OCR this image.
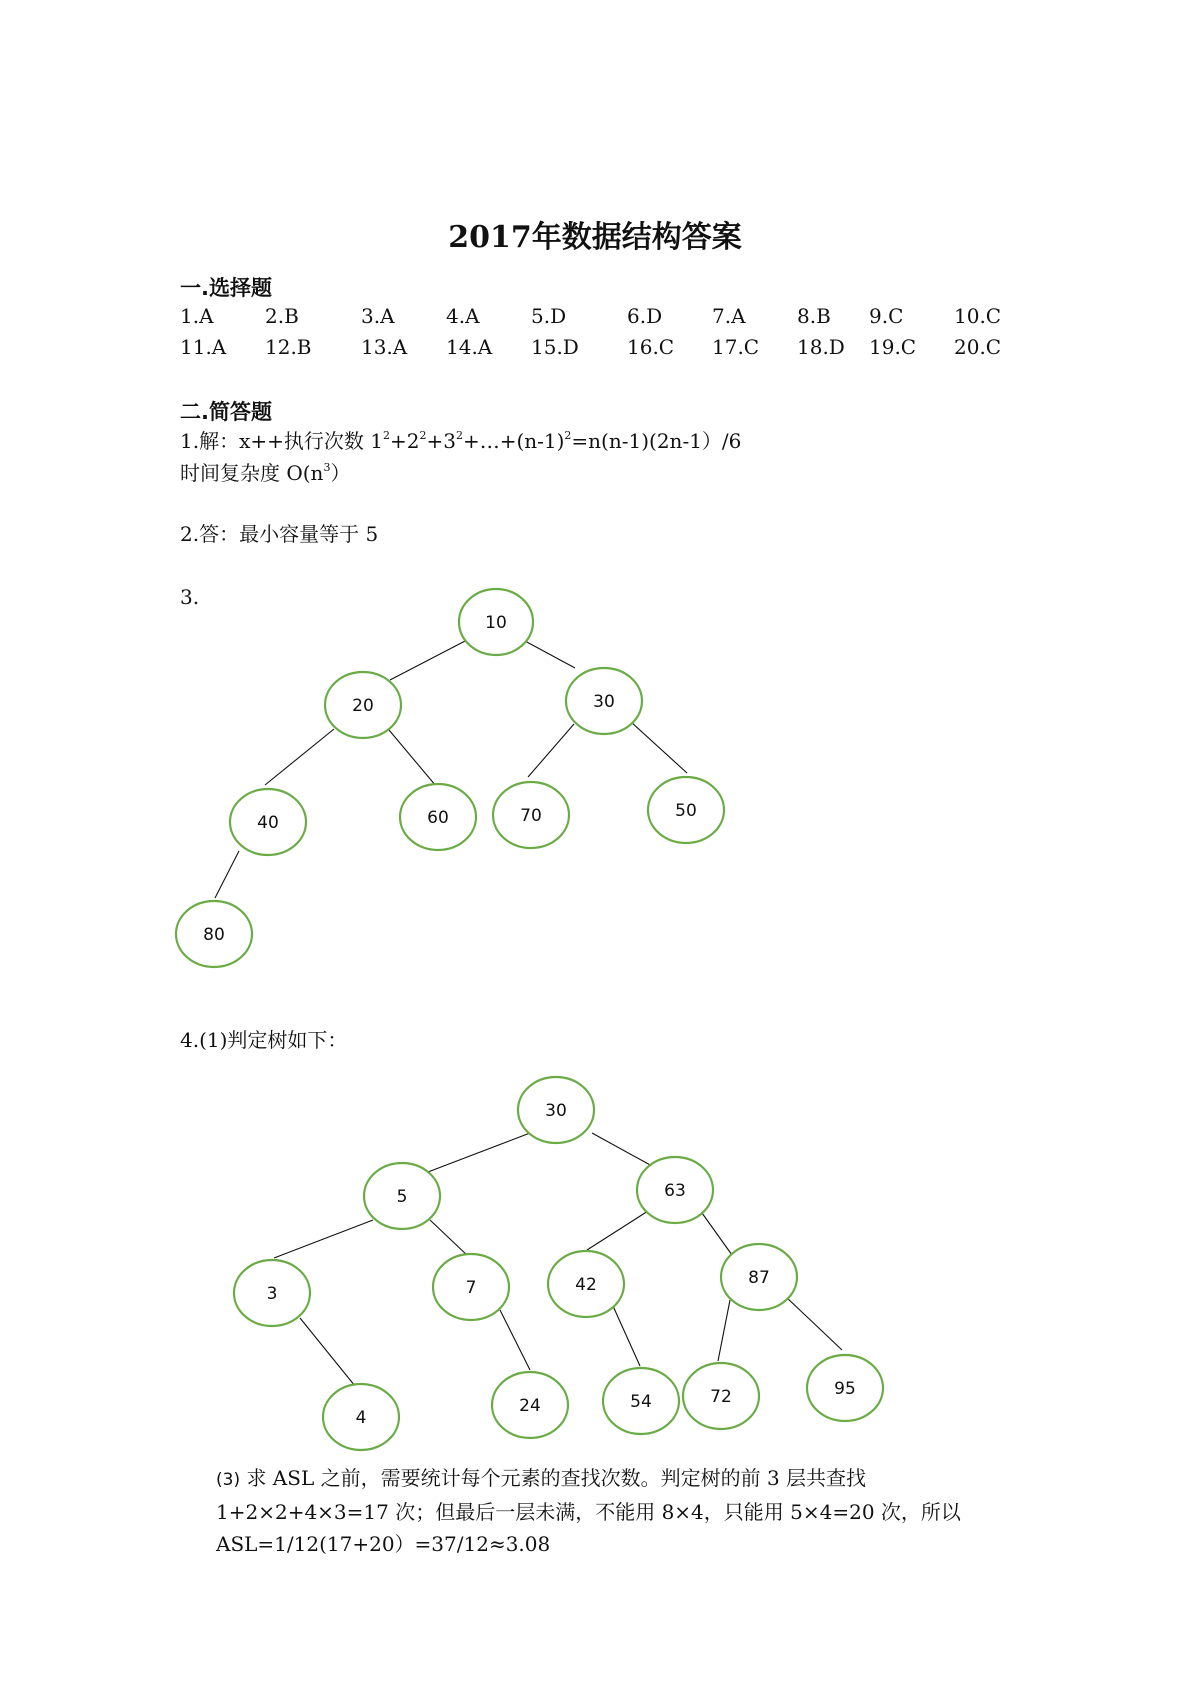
2017年数据结构答案
一.选择题
1.A	2.B	3.A	4.A	5.D	6.D 7.A	8.B 9.C	10.C
11.A 12.B 13.A 14.A 15.D 16.C 17.C 18.D 19.C 20.C
二.简答题
1.解：x++执行次数 $1^2+2^2+3^2+\dots+(n-1)^2=n(n-1)(2n-1)/6$
时间复杂度 $O(n^3)$
2.答：最小容量等于 5
3.
10
20	30
40	60	70	50
80
30
5	63
3	7	42	87
4
24	54	72	95
4.(1)判定树如下：
(3) 求 ASL 之前，需要统计每个元素的查找次数。判定树的前 3 层共查找 1+2×2+4×3=17 次；但最后一层未满，不能用 8×4，只能用 5×4=20 次，所以 ASL=1/12(17+20）=37/12≈3.08
